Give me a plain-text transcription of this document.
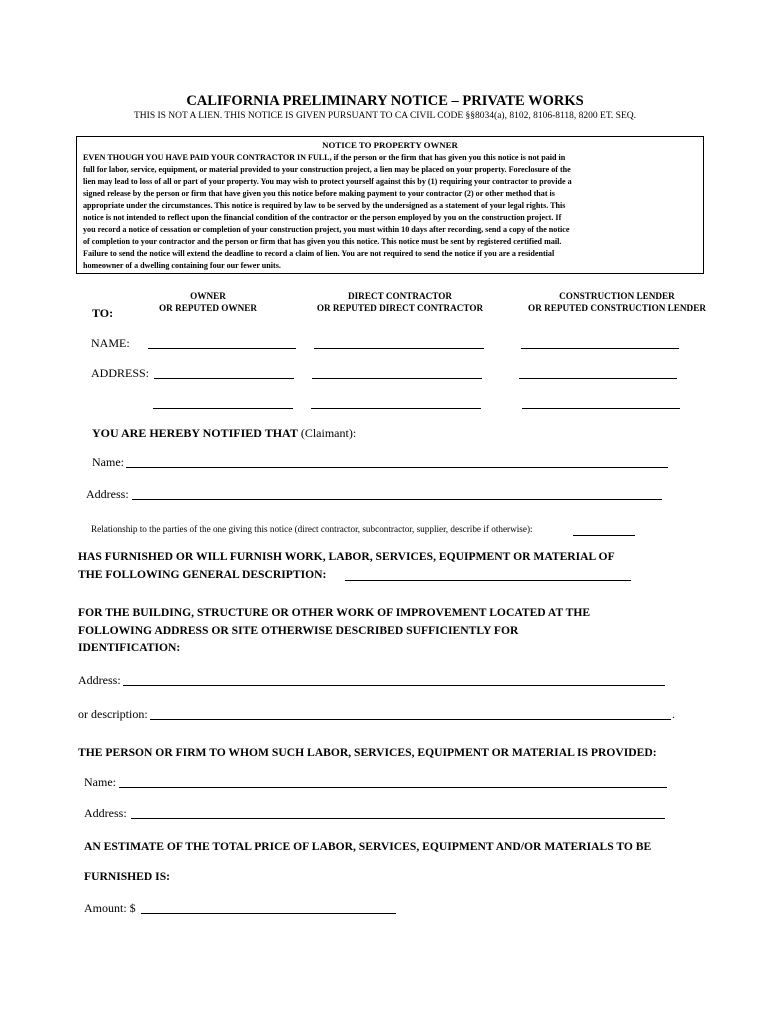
CALIFORNIA PRELIMINARY NOTICE – PRIVATE WORKS
THIS IS NOT A LIEN. THIS NOTICE IS GIVEN PURSUANT TO CA CIVIL CODE §§8034(a), 8102, 8106-8118, 8200 ET. SEQ.
NOTICE TO PROPERTY OWNER
EVEN THOUGH YOU HAVE PAID YOUR CONTRACTOR IN FULL, if the person or the firm that has given you this notice is not paid in
full for labor, service, equipment, or material provided to your construction project, a lien may be placed on your property. Foreclosure of the
lien may lead to loss of all or part of your property. You may wish to protect yourself against this by (1) requiring your contractor to provide a
signed release by the person or firm that have given you this notice before making payment to your contractor (2) or other method that is
appropriate under the circumstances. This notice is required by law to be served by the undersigned as a statement of your legal rights. This
notice is not intended to reflect upon the financial condition of the contractor or the person employed by you on the construction project. If
you record a notice of cessation or completion of your construction project, you must within 10 days after recording, send a copy of the notice
of completion to your contractor and the person or firm that has given you this notice. This notice must be sent by registered certified mail.
Failure to send the notice will extend the deadline to record a claim of lien. You are not required to send the notice if you are a residential
homeowner of a dwelling containing four our fewer units.
OWNER
OR REPUTED OWNER
DIRECT CONTRACTOR
OR REPUTED DIRECT CONTRACTOR
CONSTRUCTION LENDER
OR REPUTED CONSTRUCTION LENDER
TO:
NAME:
ADDRESS:
YOU ARE HEREBY NOTIFIED THAT (Claimant):
Name:
Address:
Relationship to the parties of the one giving this notice (direct contractor, subcontractor, supplier, describe if otherwise):
HAS FURNISHED OR WILL FURNISH WORK, LABOR, SERVICES, EQUIPMENT OR MATERIAL OF
THE FOLLOWING GENERAL DESCRIPTION:
FOR THE BUILDING, STRUCTURE OR OTHER WORK OF IMPROVEMENT LOCATED AT THE
FOLLOWING ADDRESS OR SITE OTHERWISE DESCRIBED SUFFICIENTLY FOR
IDENTIFICATION:
Address:
or description:	.
THE PERSON OR FIRM TO WHOM SUCH LABOR, SERVICES, EQUIPMENT OR MATERIAL IS PROVIDED:
Name:
Address:
AN ESTIMATE OF THE TOTAL PRICE OF LABOR, SERVICES, EQUIPMENT AND/OR MATERIALS TO BE
FURNISHED IS:
Amount: $
